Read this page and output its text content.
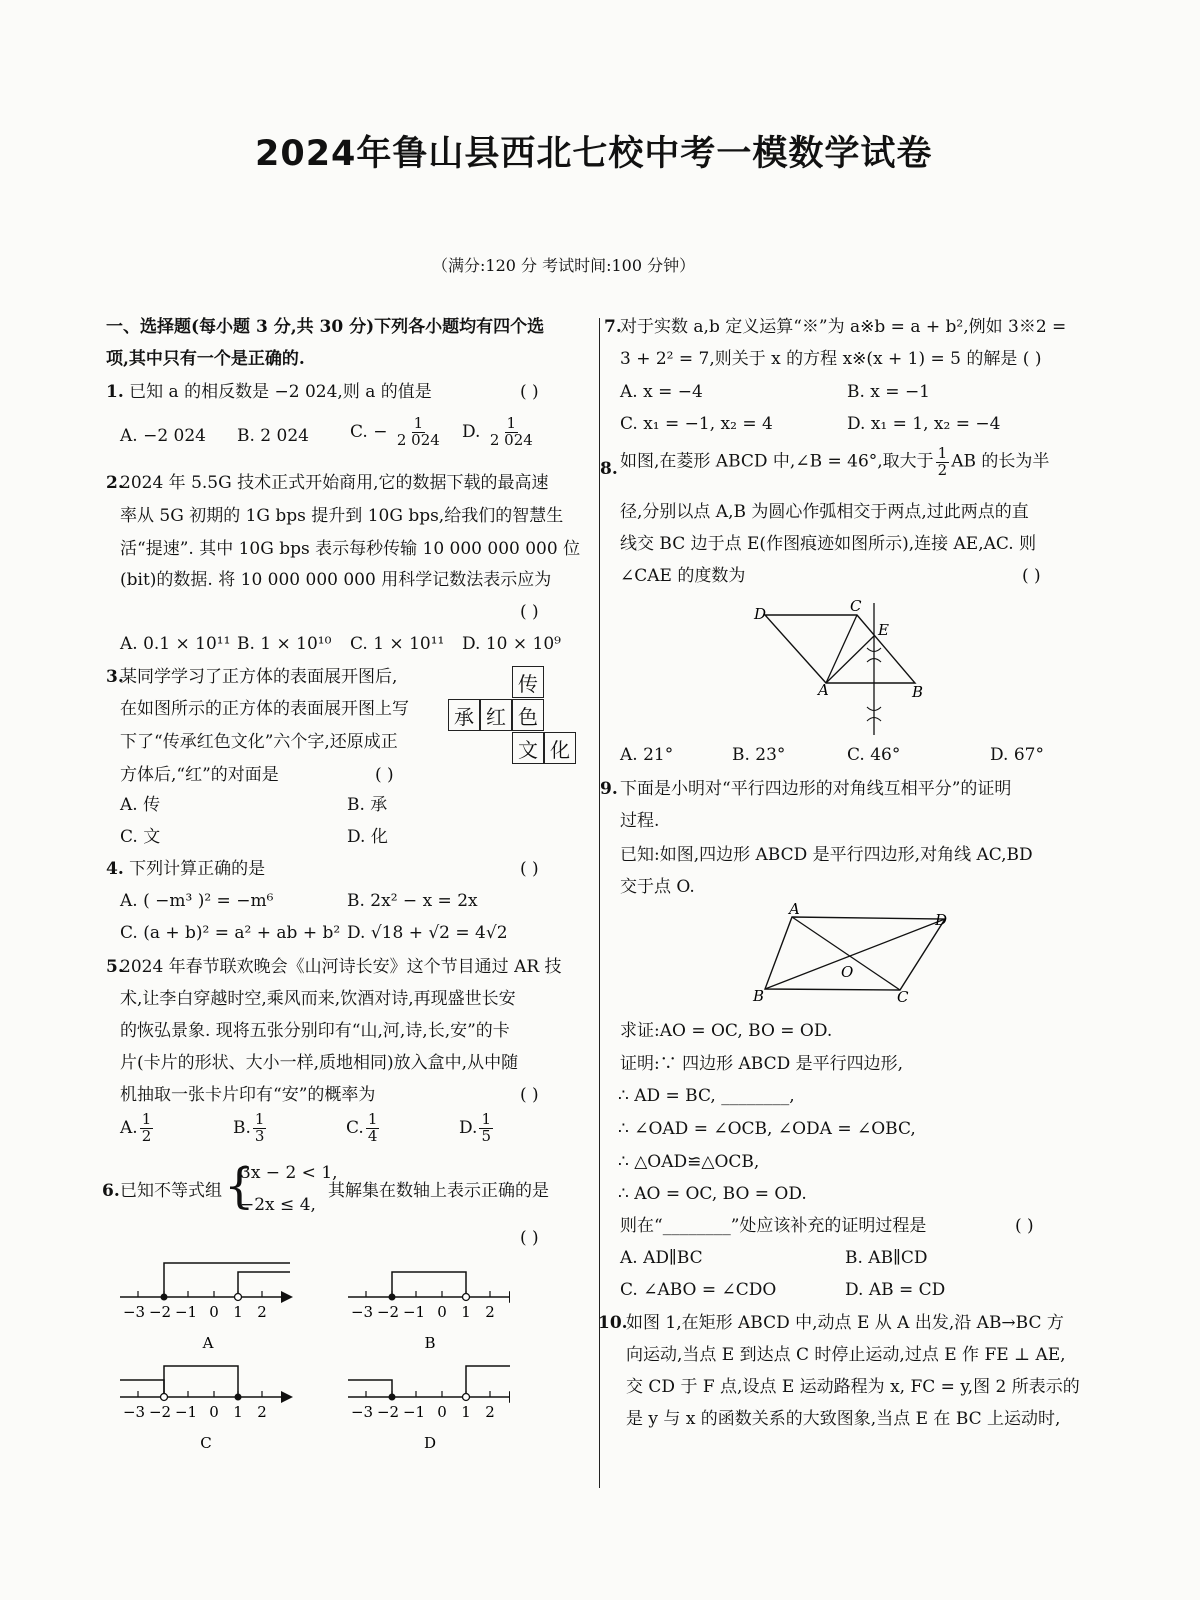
2024年鲁山县西北七校中考一模数学试卷
（满分:120 分 考试时间:100 分钟）
一、选择题(每小题 3 分,共 30 分)下列各小题均有四个选
项,其中只有一个是正确的.
1. 已知 a 的相反数是 −2 024,则 a 的值是	( )
A. −2 024 B. 2 024 C. − $\frac{1}{2 024} D$. $\frac{1}{2 024}$
2.
2024 年 5.5G 技术正式开始商用,它的数据下载的最高速
率从 5G 初期的 1G bps 提升到 10G bps,给我们的智慧生
活“提速”. 其中 10G bps 表示每秒传输 10 000 000 000 位
(bit)的数据. 将 10 000 000 000 用科学记数法表示应为
( )
A. 0.1 × 10¹¹ B. 1 × 10¹⁰ C. 1 × 10¹¹ D. 10 × 10⁹
3.
某同学学习了正方体的表面展开图后,
在如图所示的正方体的表面展开图上写
下了“传承红色文化”六个字,还原成正
方体后,“红”的对面是	( )
传
承 红 色
文 化
A. 传	B. 承
C. 文	D. 化
4. 下列计算正确的是	( )
A. ( −m³ )² = −m⁶	B. 2x² − x = 2x
C. (a + b)² = a² + ab + b² D. √18 + √2 = 4√2
5.
2024 年春节联欢晚会《山河诗长安》这个节目通过 AR 技
术,让李白穿越时空,乘风而来,饮酒对诗,再现盛世长安
的恢弘景象. 现将五张分别印有“山,河,诗,长,安”的卡
片(卡片的形状、大小一样,质地相同)放入盒中,从中随
机抽取一张卡片印有“安”的概率为	( )
A. $\frac{1}{2}$	B. $\frac{1}{3}$	C. $\frac{1}{4}$	D. $\frac{1}{5}$
6. 已知不等式组 {
3x − 2 < 1,
−2x ≤ 4,
其解集在数轴上表示正确的是
( )
−3 −2 −1 0 1 2
A
−3 −2 −1 0 1 2
B
−3 −2 −1 0 1 2
C
−3 −2 −1 0 1 2
D
7.
对于实数 a,b 定义运算“※”为 a※b = a + b²,例如 3※2 =
3 + 2² = 7,则关于 x 的方程 x※(x + 1) = 5 的解是 ( )
A. x = −4	B. x = −1
C. x₁ = −1, x₂ = 4	D. x₁ = 1, x₂ = −4
8. 如图,在菱形 ABCD 中,∠B = 46°,取大于 $\frac{1}{2}$ AB 的长为半
径,分别以点 A,B 为圆心作弧相交于两点,过此两点的直
线交 BC 边于点 E(作图痕迹如图所示),连接 AE,AC. 则
∠CAE 的度数为	( )
D	C
E
A	B
A. 21°	B. 23°	C. 46°	D. 67°
9. 下面是小明对“平行四边形的对角线互相平分”的证明
过程.
已知:如图,四边形 ABCD 是平行四边形,对角线 AC,BD
交于点 O.
A
D
B	C
O
求证:AO = OC, BO = OD.
证明:∵ 四边形 ABCD 是平行四边形,
∴ AD = BC, ________,
∴ ∠OAD = ∠OCB, ∠ODA = ∠OBC,
∴ △OAD≌△OCB,
∴ AO = OC, BO = OD.
则在“________”处应该补充的证明过程是	( )
A. AD∥BC	B. AB∥CD
C. ∠ABO = ∠CDO	D. AB = CD
10.
如图 1,在矩形 ABCD 中,动点 E 从 A 出发,沿 AB→BC 方
向运动,当点 E 到达点 C 时停止运动,过点 E 作 FE ⊥ AE,
交 CD 于 F 点,设点 E 运动路程为 x, FC = y,图 2 所表示的
是 y 与 x 的函数关系的大致图象,当点 E 在 BC 上运动时,
